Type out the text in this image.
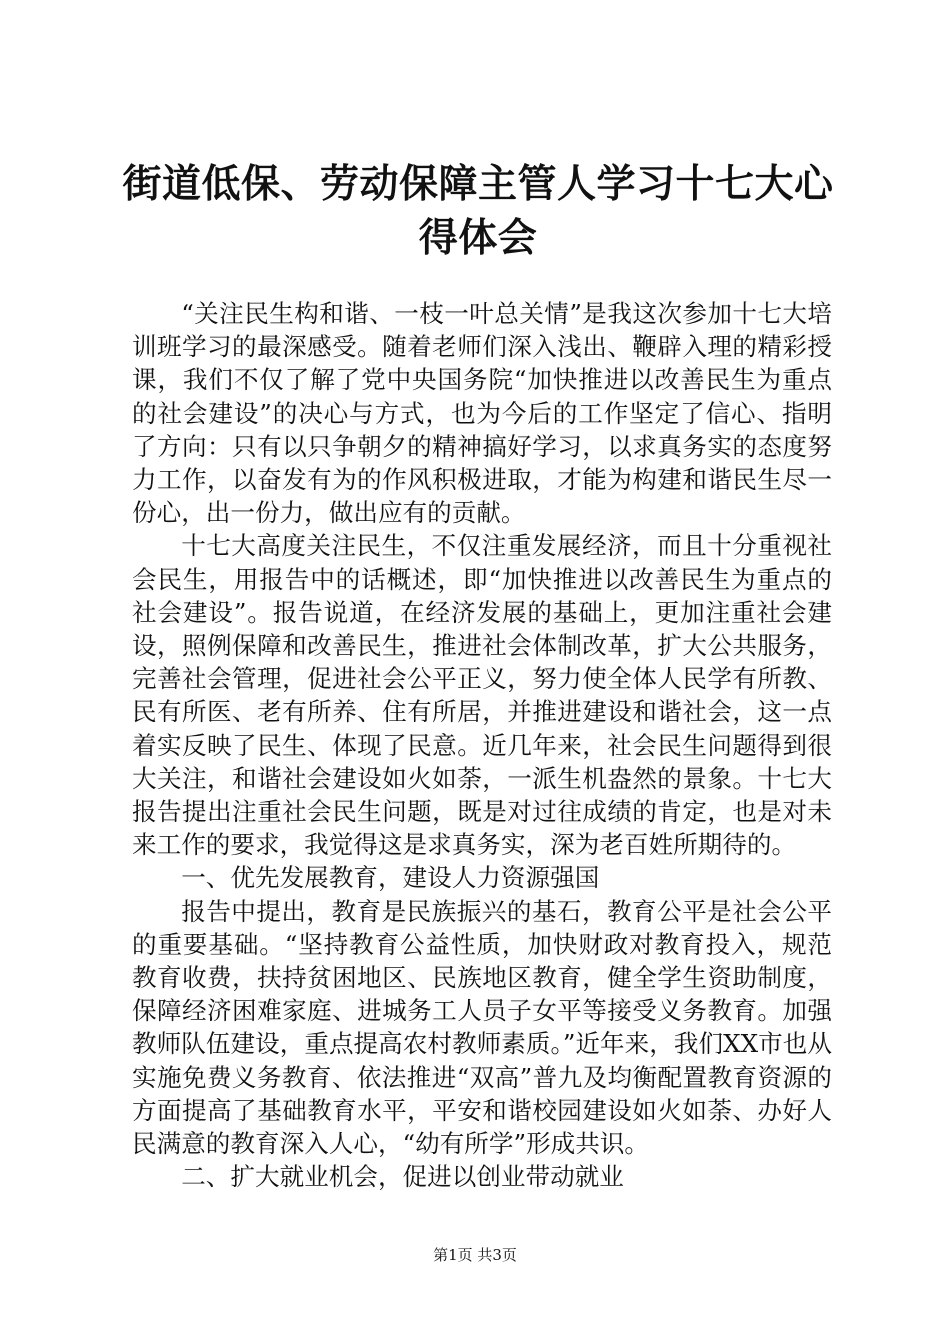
街道低保、劳动保障主管人学习十七大心得体会

“关注民生构和谐、一枝一叶总关情”是我这次参加十七大培训班学习的最深感受。随着老师们深入浅出、鞭辟入理的精彩授课，我们不仅了解了党中央国务院“加快推进以改善民生为重点的社会建设”的决心与方式，也为今后的工作坚定了信心、指明了方向：只有以只争朝夕的精神搞好学习，以求真务实的态度努力工作，以奋发有为的作风积极进取，才能为构建和谐民生尽一份心，出一份力，做出应有的贡献。

十七大高度关注民生，不仅注重发展经济，而且十分重视社会民生，用报告中的话概述，即“加快推进以改善民生为重点的社会建设”。报告说道，在经济发展的基础上，更加注重社会建设，照例保障和改善民生，推进社会体制改革，扩大公共服务，完善社会管理，促进社会公平正义，努力使全体人民学有所教、民有所医、老有所养、住有所居，并推进建设和谐社会，这一点着实反映了民生、体现了民意。近几年来，社会民生问题得到很大关注，和谐社会建设如火如荼，一派生机盎然的景象。十七大报告提出注重社会民生问题，既是对过往成绩的肯定，也是对未来工作的要求，我觉得这是求真务实，深为老百姓所期待的。

一、优先发展教育，建设人力资源强国

报告中提出，教育是民族振兴的基石，教育公平是社会公平的重要基础。“坚持教育公益性质，加快财政对教育投入，规范教育收费，扶持贫困地区、民族地区教育，健全学生资助制度，保障经济困难家庭、进城务工人员子女平等接受义务教育。加强教师队伍建设，重点提高农村教师素质。”近年来，我们XX市也从实施免费义务教育、依法推进“双高”普九及均衡配置教育资源的方面提高了基础教育水平，平安和谐校园建设如火如荼、办好人民满意的教育深入人心，“幼有所学”形成共识。

二、扩大就业机会，促进以创业带动就业

第1页 共3页
